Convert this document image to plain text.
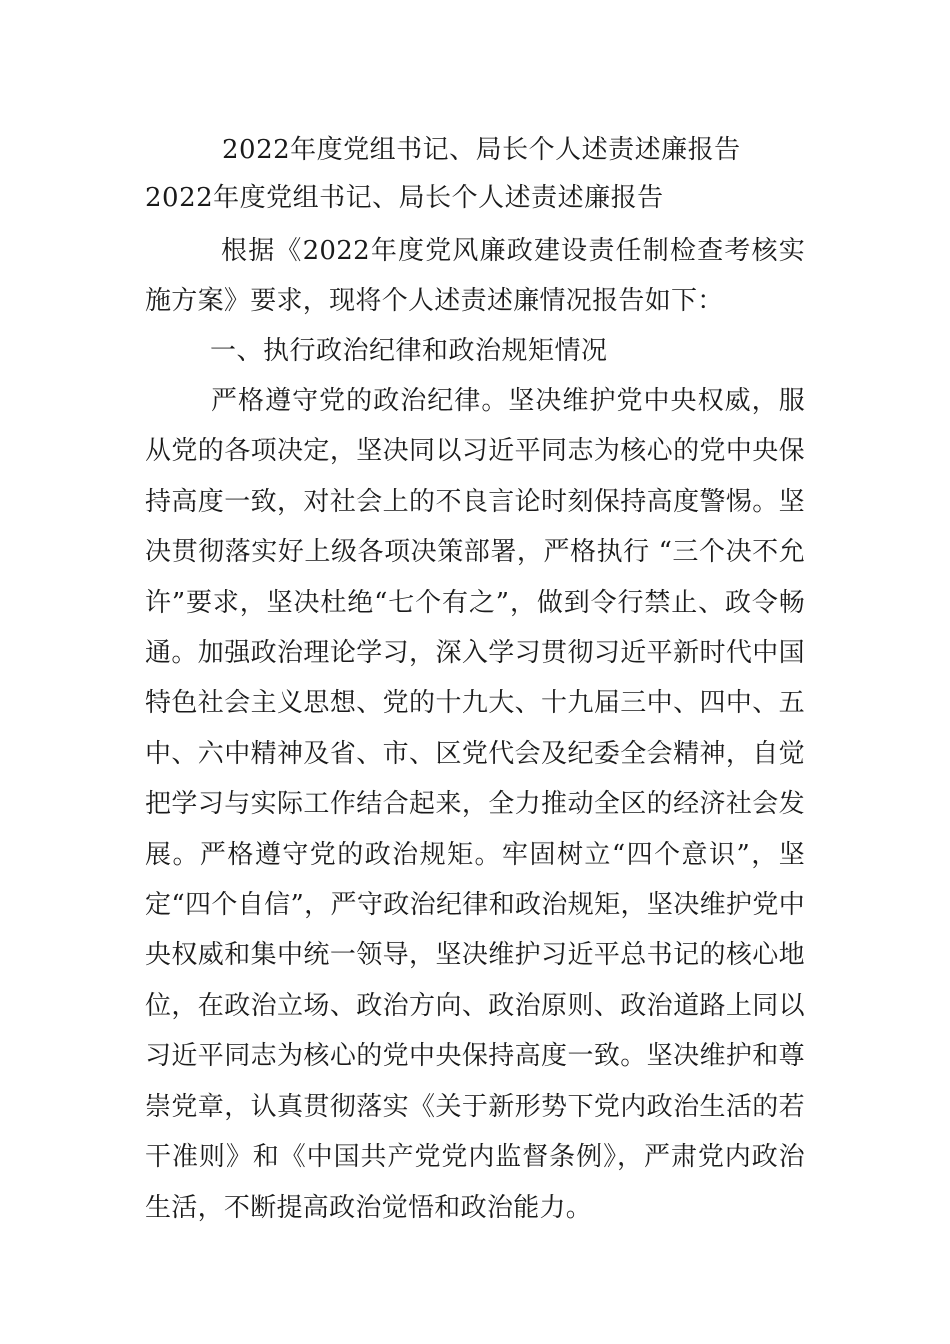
2022年度党组书记、局长个人述责述廉报告
2022年度党组书记、局长个人述责述廉报告
根据《2022年度党风廉政建设责任制检查考核实施方案》要求，现将个人述责述廉情况报告如下：
一、执行政治纪律和政治规矩情况
严格遵守党的政治纪律。坚决维护党中央权威，服从党的各项决定，坚决同以习近平同志为核心的党中央保持高度一致，对社会上的不良言论时刻保持高度警惕。坚决贯彻落实好上级各项决策部署，严格执行 “三个决不允许”要求，坚决杜绝“七个有之”，做到令行禁止、政令畅通。加强政治理论学习，深入学习贯彻习近平新时代中国特色社会主义思想、党的十九大、十九届三中、四中、五中、六中精神及省、市、区党代会及纪委全会精神，自觉把学习与实际工作结合起来，全力推动全区的经济社会发展。严格遵守党的政治规矩。牢固树立“四个意识”，坚定“四个自信”，严守政治纪律和政治规矩，坚决维护党中央权威和集中统一领导，坚决维护习近平总书记的核心地位，在政治立场、政治方向、政治原则、政治道路上同以习近平同志为核心的党中央保持高度一致。坚决维护和尊崇党章，认真贯彻落实《关于新形势下党内政治生活的若干准则》和《中国共产党党内监督条例》，严肃党内政治生活，不断提高政治觉悟和政治能力。
